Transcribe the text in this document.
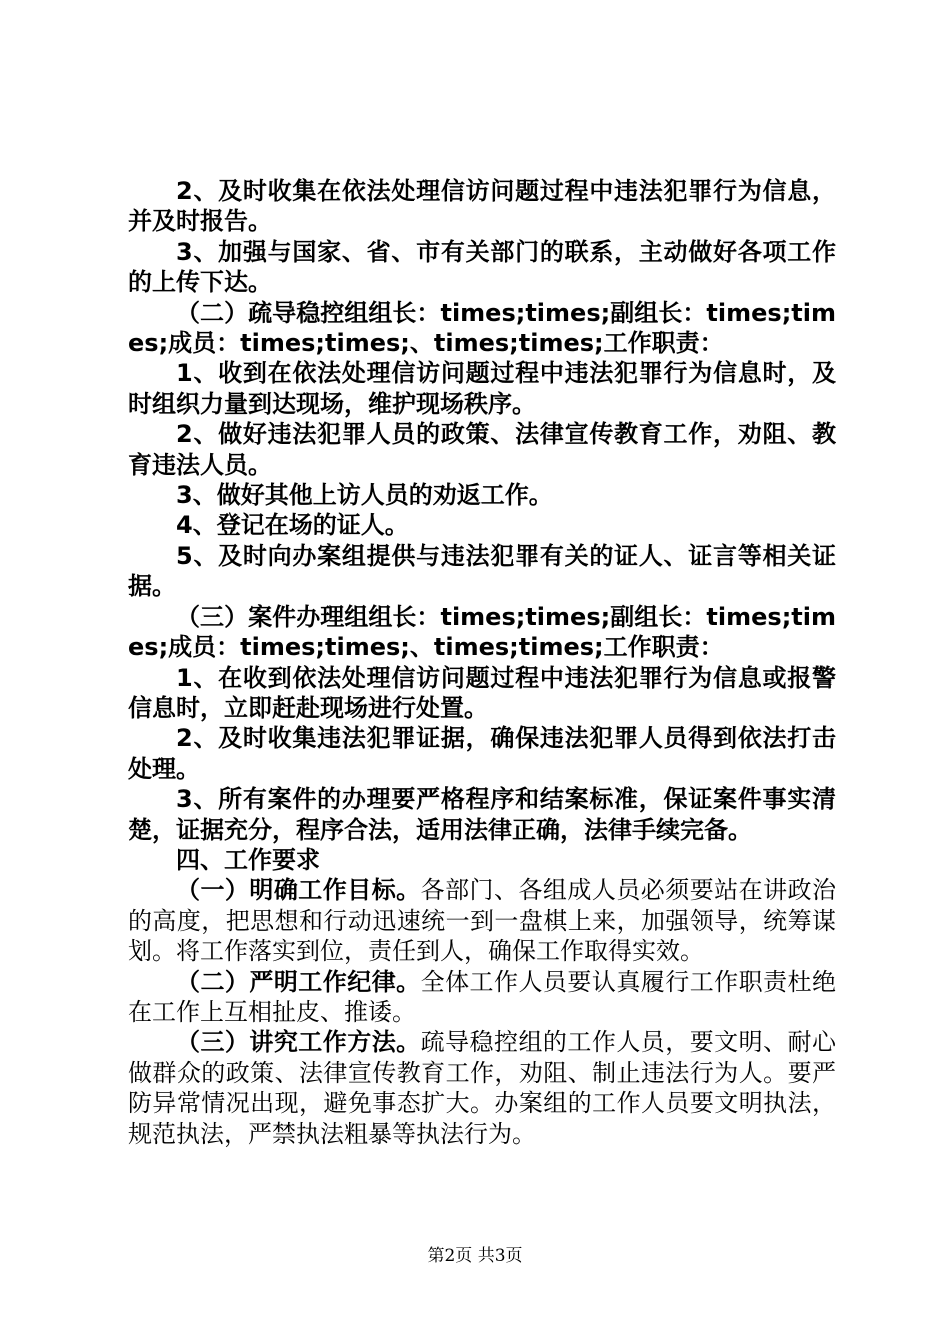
2、及时收集在依法处理信访问题过程中违法犯罪行为信息，并及时报告。

3、加强与国家、省、市有关部门的联系，主动做好各项工作的上传下达。

（二）疏导稳控组组长：times;times;副组长：times;times;成员：times;times;、times;times;工作职责：

1、收到在依法处理信访问题过程中违法犯罪行为信息时，及时组织力量到达现场，维护现场秩序。

2、做好违法犯罪人员的政策、法律宣传教育工作，劝阻、教育违法人员。

3、做好其他上访人员的劝返工作。

4、登记在场的证人。

5、及时向办案组提供与违法犯罪有关的证人、证言等相关证据。

（三）案件办理组组长：times;times;副组长：times;times;成员：times;times;、times;times;工作职责：

1、在收到依法处理信访问题过程中违法犯罪行为信息或报警信息时，立即赶赴现场进行处置。

2、及时收集违法犯罪证据，确保违法犯罪人员得到依法打击处理。

3、所有案件的办理要严格程序和结案标准，保证案件事实清楚，证据充分，程序合法，适用法律正确，法律手续完备。

四、工作要求

（一）明确工作目标。各部门、各组成人员必须要站在讲政治的高度，把思想和行动迅速统一到一盘棋上来，加强领导，统筹谋划。将工作落实到位，责任到人，确保工作取得实效。

（二）严明工作纪律。全体工作人员要认真履行工作职责杜绝在工作上互相扯皮、推诿。

（三）讲究工作方法。疏导稳控组的工作人员，要文明、耐心做群众的政策、法律宣传教育工作，劝阻、制止违法行为人。要严防异常情况出现，避免事态扩大。办案组的工作人员要文明执法，规范执法，严禁执法粗暴等执法行为。

第2页 共3页
